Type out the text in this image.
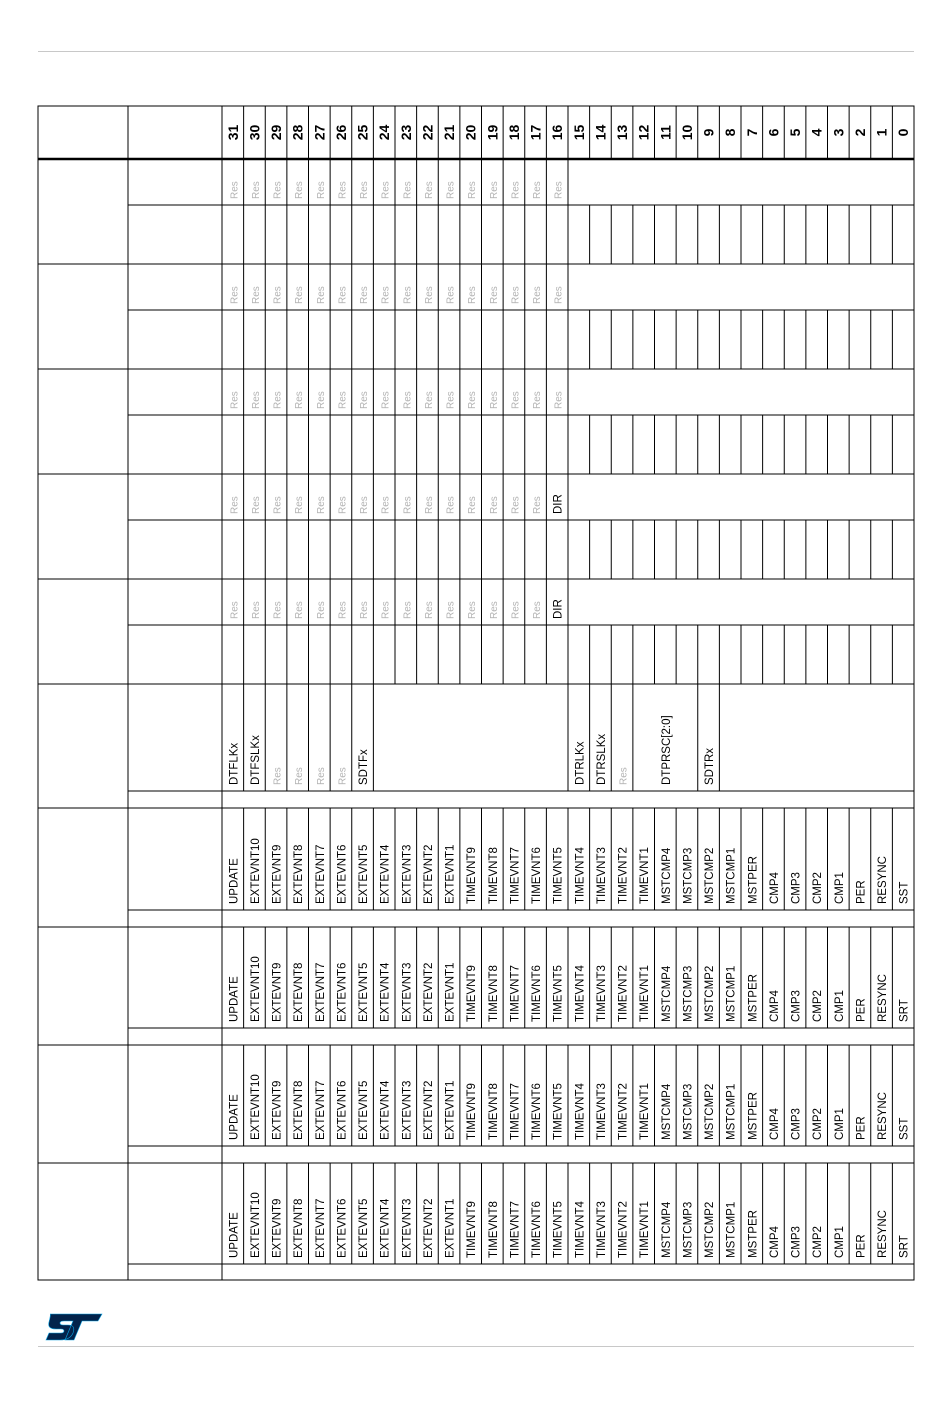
31 30 29 28 27 26 25 24 23 22 21 20 19 18 17 16 15 14 13 12 11 10 9 8 7 6 5 4 3 2 1 0
Res Res Res Res Res Res Res Res Res Res Res Res Res Res Res Res
Res Res Res Res Res Res Res Res Res Res Res Res Res Res Res Res
Res Res Res Res Res Res Res Res Res Res Res Res Res Res Res Res
Res Res Res Res Res Res Res Res Res Res Res Res Res Res Res DIR
Res Res Res Res Res Res Res Res Res Res Res Res Res Res Res DIR
DTFLKx DTFSLKx Res Res Res Res SDTFx	DTRLKx DTRSLKx Res	DTPRSC[2:0]	SDTRx
UPDATE EXTEVNT10 EXTEVNT9 EXTEVNT8 EXTEVNT7 EXTEVNT6 EXTEVNT5 EXTEVNT4 EXTEVNT3 EXTEVNT2 EXTEVNT1 TIMEVNT9 TIMEVNT8 TIMEVNT7 TIMEVNT6 TIMEVNT5 TIMEVNT4 TIMEVNT3 TIMEVNT2 TIMEVNT1 MSTCMP4 MSTCMP3 MSTCMP2 MSTCMP1 MSTPER CMP4 CMP3 CMP2 CMP1 PER RESYNC SST
UPDATE EXTEVNT10 EXTEVNT9 EXTEVNT8 EXTEVNT7 EXTEVNT6 EXTEVNT5 EXTEVNT4 EXTEVNT3 EXTEVNT2 EXTEVNT1 TIMEVNT9 TIMEVNT8 TIMEVNT7 TIMEVNT6 TIMEVNT5 TIMEVNT4 TIMEVNT3 TIMEVNT2 TIMEVNT1 MSTCMP4 MSTCMP3 MSTCMP2 MSTCMP1 MSTPER CMP4 CMP3 CMP2 CMP1 PER RESYNC SRT
UPDATE EXTEVNT10 EXTEVNT9 EXTEVNT8 EXTEVNT7 EXTEVNT6 EXTEVNT5 EXTEVNT4 EXTEVNT3 EXTEVNT2 EXTEVNT1 TIMEVNT9 TIMEVNT8 TIMEVNT7 TIMEVNT6 TIMEVNT5 TIMEVNT4 TIMEVNT3 TIMEVNT2 TIMEVNT1 MSTCMP4 MSTCMP3 MSTCMP2 MSTCMP1 MSTPER CMP4 CMP3 CMP2 CMP1 PER RESYNC SST
UPDATE EXTEVNT10 EXTEVNT9 EXTEVNT8 EXTEVNT7 EXTEVNT6 EXTEVNT5 EXTEVNT4 EXTEVNT3 EXTEVNT2 EXTEVNT1 TIMEVNT9 TIMEVNT8 TIMEVNT7 TIMEVNT6 TIMEVNT5 TIMEVNT4 TIMEVNT3 TIMEVNT2 TIMEVNT1 MSTCMP4 MSTCMP3 MSTCMP2 MSTCMP1 MSTPER CMP4 CMP3 CMP2 CMP1 PER RESYNC SRT
